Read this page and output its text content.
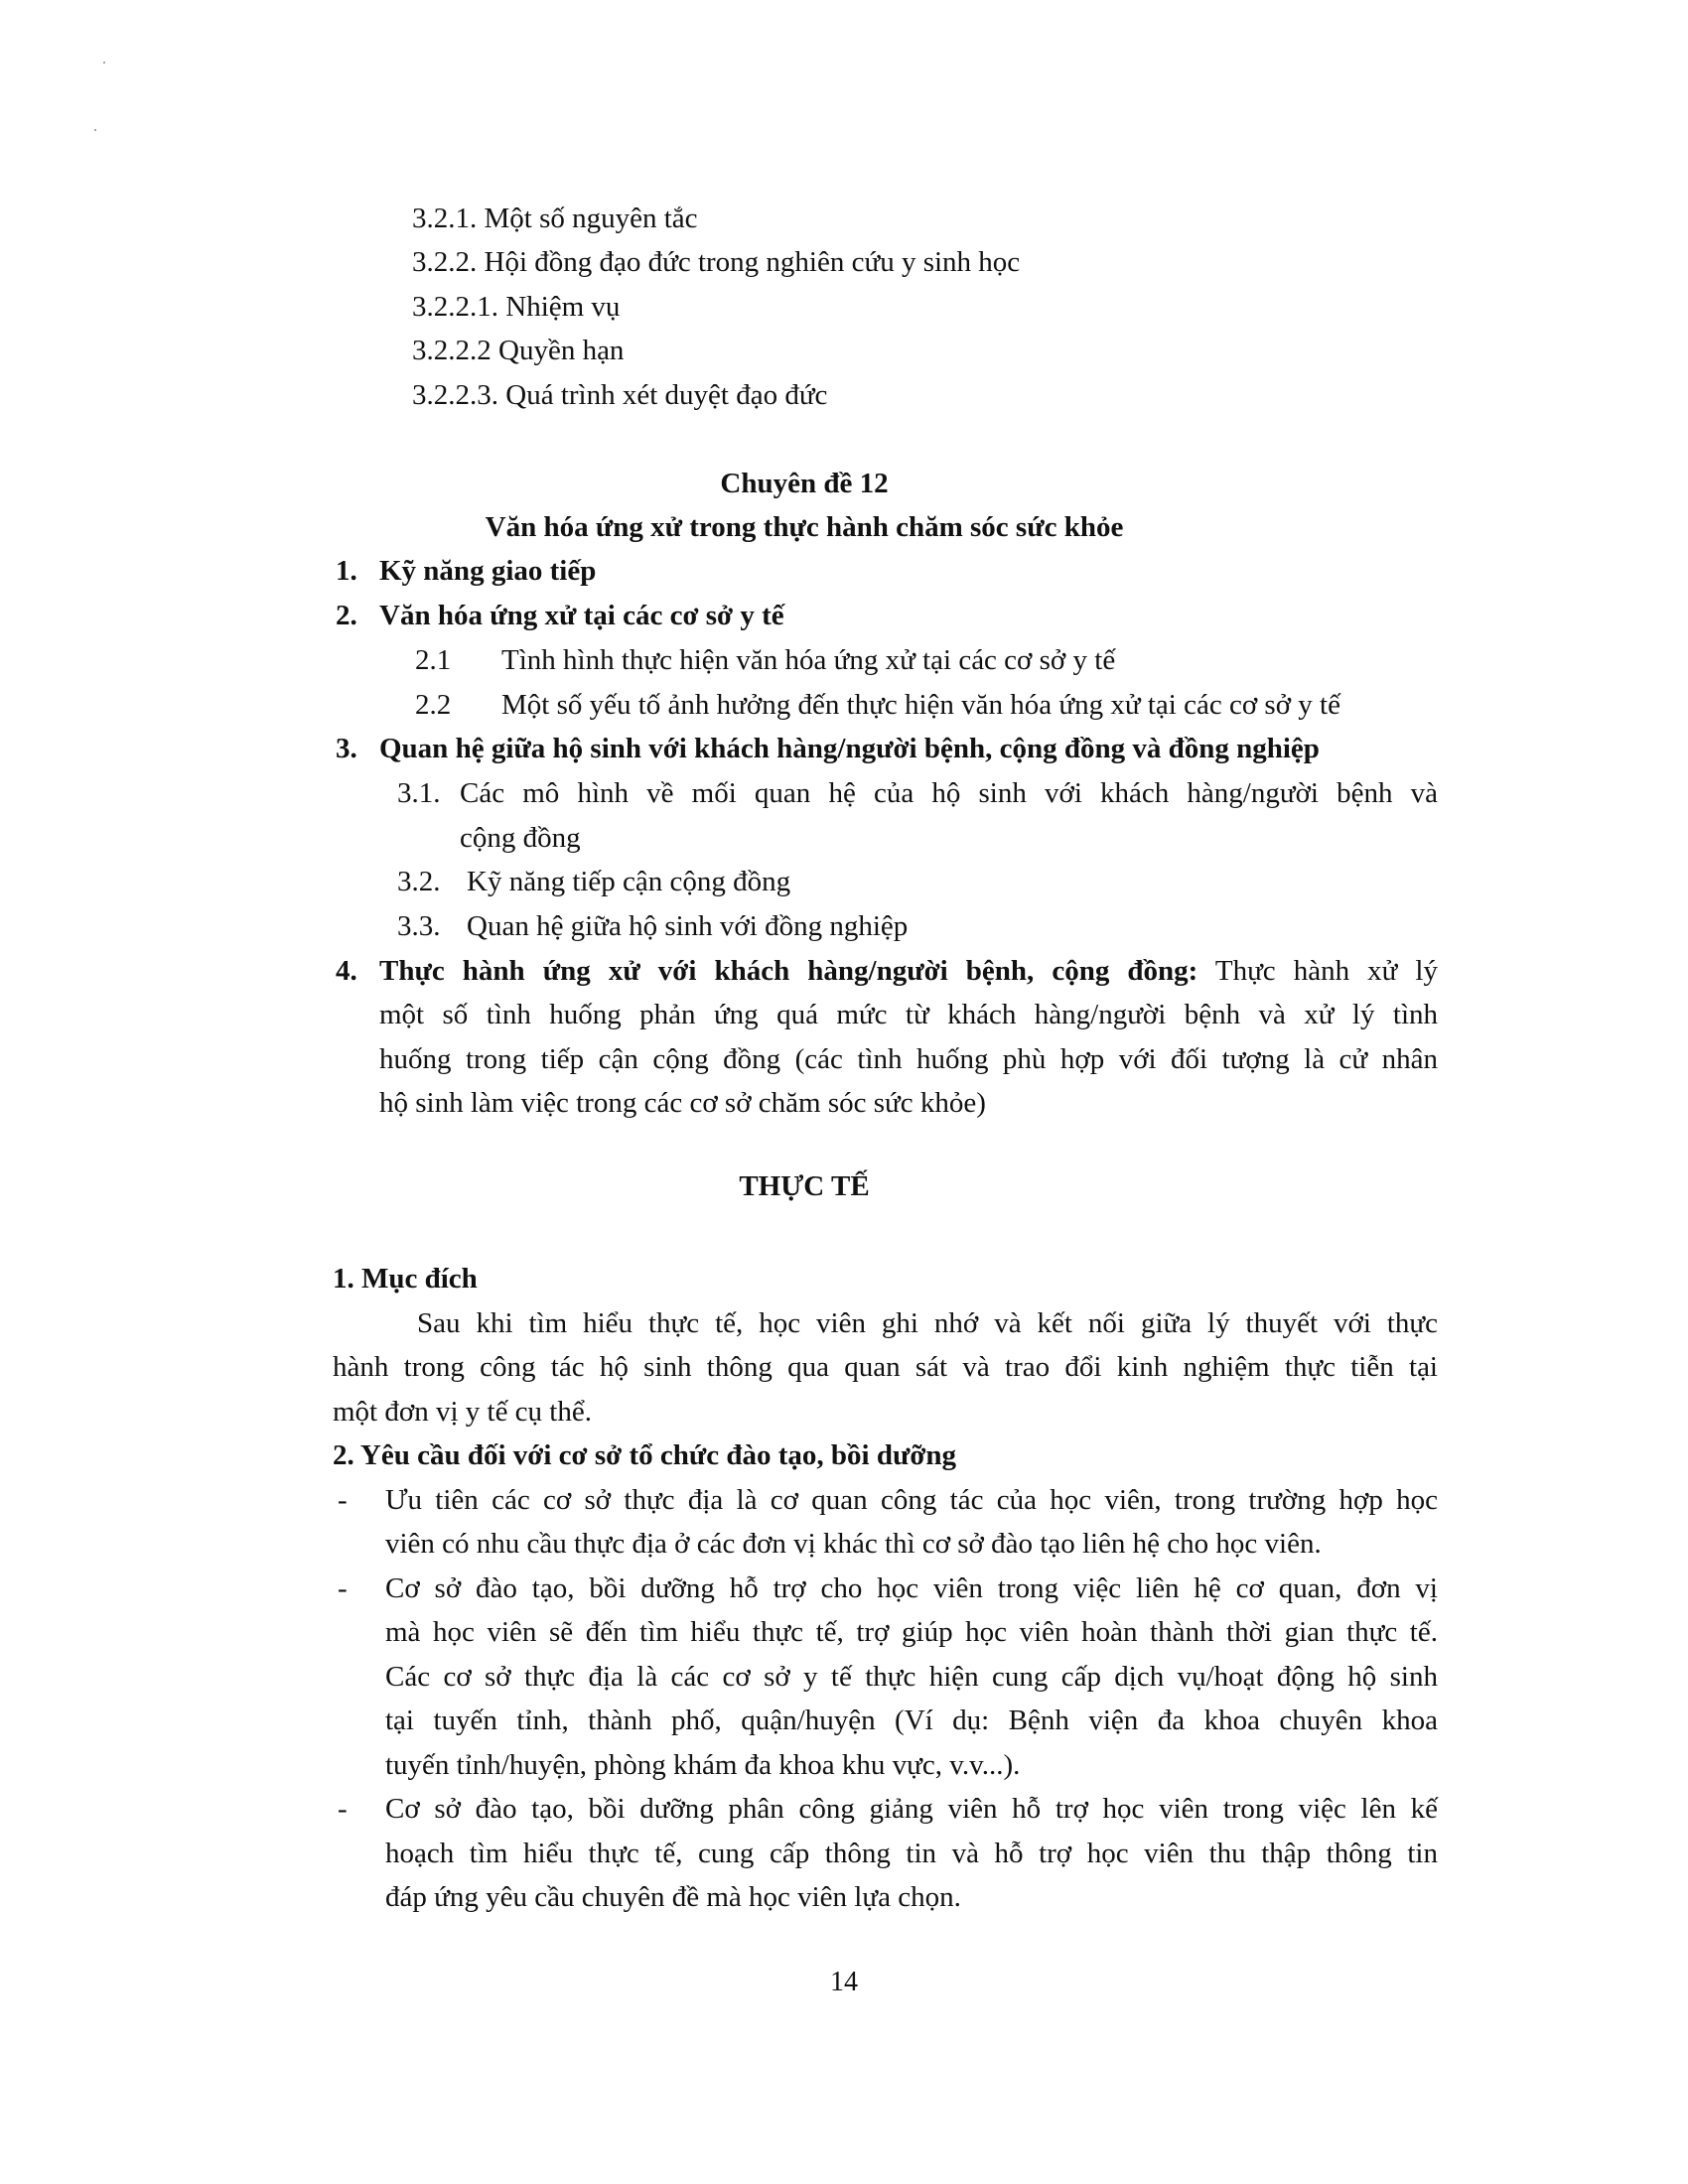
3.2.1. Một số nguyên tắc
3.2.2. Hội đồng đạo đức trong nghiên cứu y sinh học
3.2.2.1. Nhiệm vụ
3.2.2.2 Quyền hạn
3.2.2.3. Quá trình xét duyệt đạo đức
Chuyên đề 12
Văn hóa ứng xử trong thực hành chăm sóc sức khỏe
1. Kỹ năng giao tiếp
2. Văn hóa ứng xử tại các cơ sở y tế
2.1 Tình hình thực hiện văn hóa ứng xử tại các cơ sở y tế
2.2 Một số yếu tố ảnh hưởng đến thực hiện văn hóa ứng xử tại các cơ sở y tế
3. Quan hệ giữa hộ sinh với khách hàng/người bệnh, cộng đồng và đồng nghiệp
3.1. Các mô hình về mối quan hệ của hộ sinh với khách hàng/người bệnh và
cộng đồng
3.2. Kỹ năng tiếp cận cộng đồng
3.3. Quan hệ giữa hộ sinh với đồng nghiệp
4. Thực hành ứng xử với khách hàng/người bệnh, cộng đồng: Thực hành xử lý
một số tình huống phản ứng quá mức từ khách hàng/người bệnh và xử lý tình
huống trong tiếp cận cộng đồng (các tình huống phù hợp với đối tượng là cử nhân
hộ sinh làm việc trong các cơ sở chăm sóc sức khỏe)
THỰC TẾ
1. Mục đích
Sau khi tìm hiểu thực tế, học viên ghi nhớ và kết nối giữa lý thuyết với thực
hành trong công tác hộ sinh thông qua quan sát và trao đổi kinh nghiệm thực tiễn tại
một đơn vị y tế cụ thể.
2. Yêu cầu đối với cơ sở tổ chức đào tạo, bồi dưỡng
- Ưu tiên các cơ sở thực địa là cơ quan công tác của học viên, trong trường hợp học
viên có nhu cầu thực địa ở các đơn vị khác thì cơ sở đào tạo liên hệ cho học viên.
- Cơ sở đào tạo, bồi dưỡng hỗ trợ cho học viên trong việc liên hệ cơ quan, đơn vị
mà học viên sẽ đến tìm hiểu thực tế, trợ giúp học viên hoàn thành thời gian thực tế.
Các cơ sở thực địa là các cơ sở y tế thực hiện cung cấp dịch vụ/hoạt động hộ sinh
tại tuyến tỉnh, thành phố, quận/huyện (Ví dụ: Bệnh viện đa khoa chuyên khoa
tuyến tỉnh/huyện, phòng khám đa khoa khu vực, v.v...).
- Cơ sở đào tạo, bồi dưỡng phân công giảng viên hỗ trợ học viên trong việc lên kế
hoạch tìm hiểu thực tế, cung cấp thông tin và hỗ trợ học viên thu thập thông tin
đáp ứng yêu cầu chuyên đề mà học viên lựa chọn.
14
